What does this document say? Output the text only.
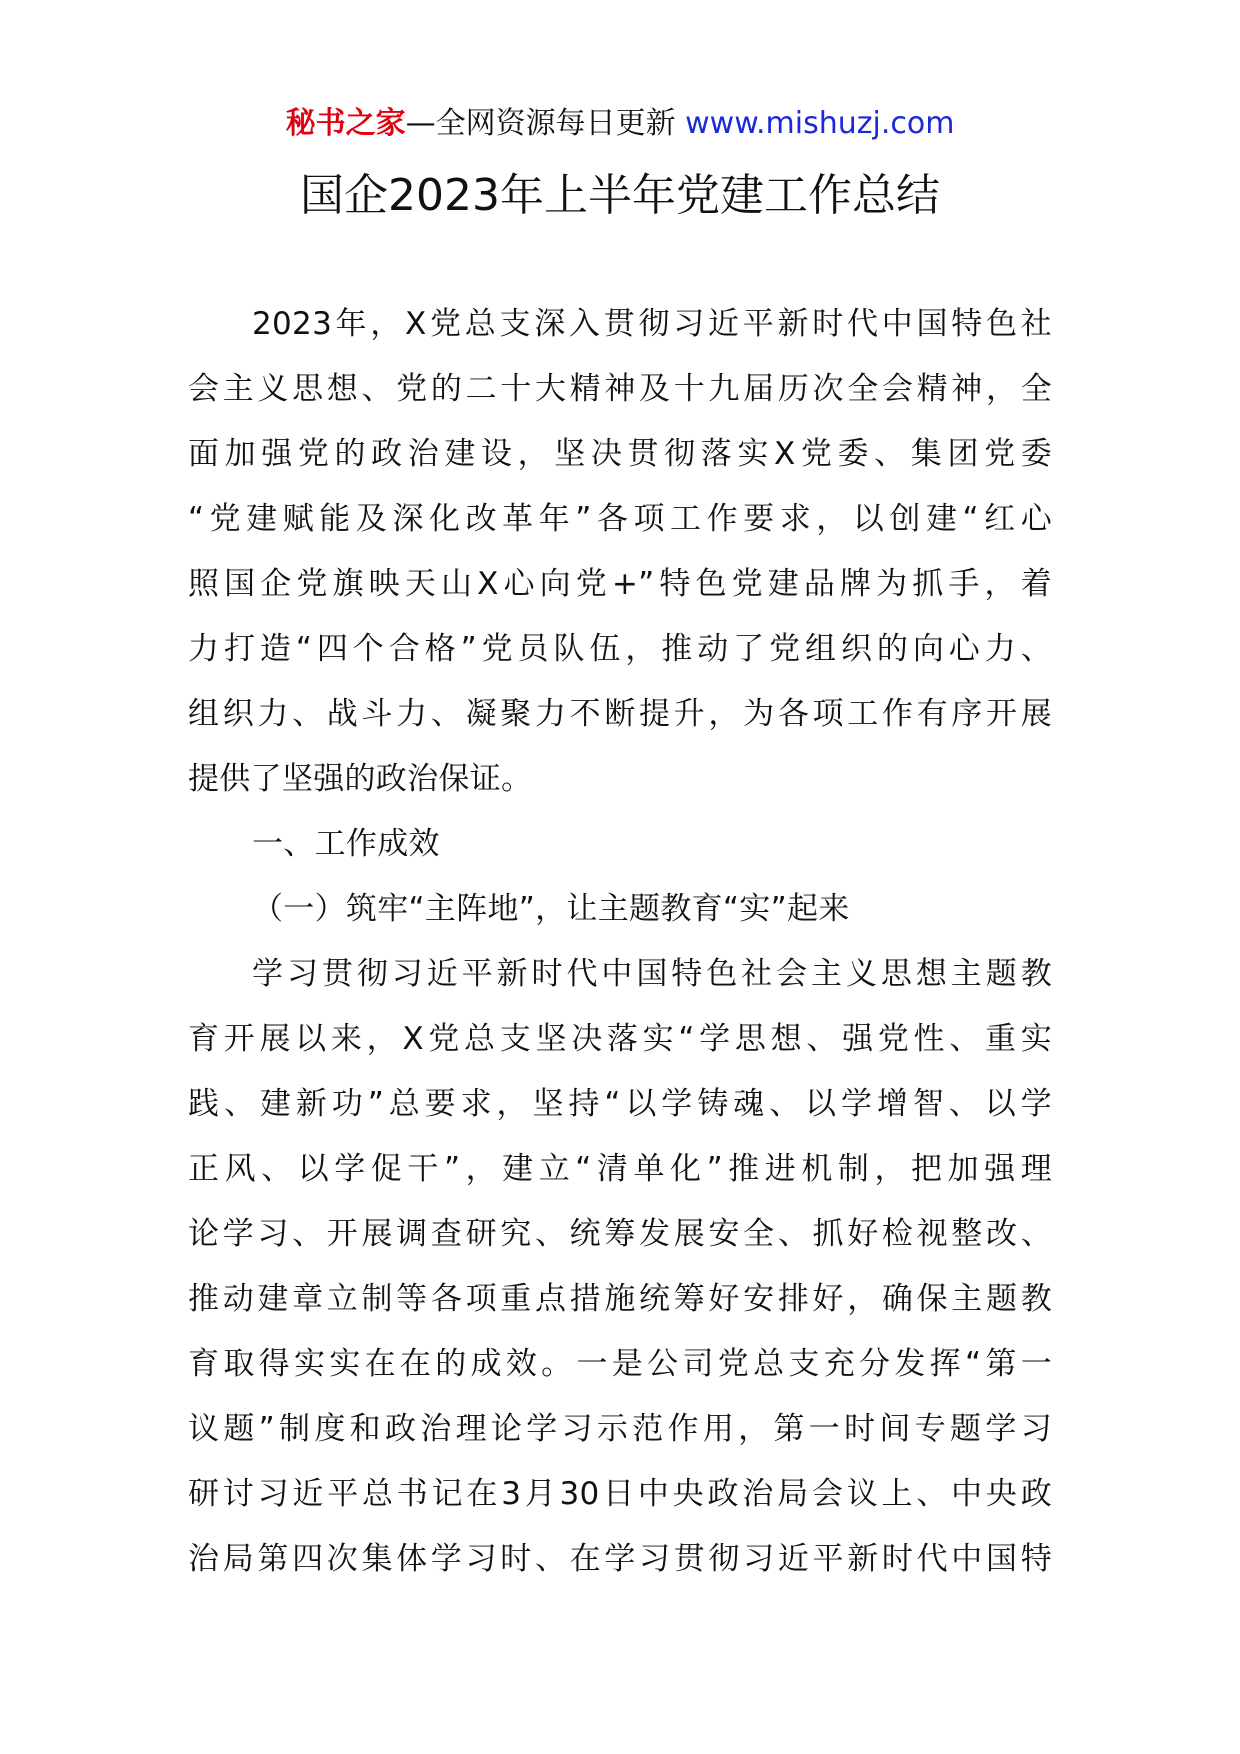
秘书之家—全网资源每日更新 www.mishuzj.com
国企2023年上半年党建工作总结
2023年，X党总支深入贯彻习近平新时代中国特色社
会主义思想、党的二十大精神及十九届历次全会精神，全
面加强党的政治建设，坚决贯彻落实X党委、集团党委
“党建赋能及深化改革年”各项工作要求，以创建“红心
照国企党旗映天山X心向党+”特色党建品牌为抓手，着
力打造“四个合格”党员队伍，推动了党组织的向心力、
组织力、战斗力、凝聚力不断提升，为各项工作有序开展
提供了坚强的政治保证。
一、工作成效
（一）筑牢“主阵地”，让主题教育“实”起来
学习贯彻习近平新时代中国特色社会主义思想主题教
育开展以来，X党总支坚决落实“学思想、强党性、重实
践、建新功”总要求，坚持“以学铸魂、以学增智、以学
正风、以学促干”，建立“清单化”推进机制，把加强理
论学习、开展调查研究、统筹发展安全、抓好检视整改、
推动建章立制等各项重点措施统筹好安排好，确保主题教
育取得实实在在的成效。一是公司党总支充分发挥“第一
议题”制度和政治理论学习示范作用，第一时间专题学习
研讨习近平总书记在3月30日中央政治局会议上、中央政
治局第四次集体学习时、在学习贯彻习近平新时代中国特
